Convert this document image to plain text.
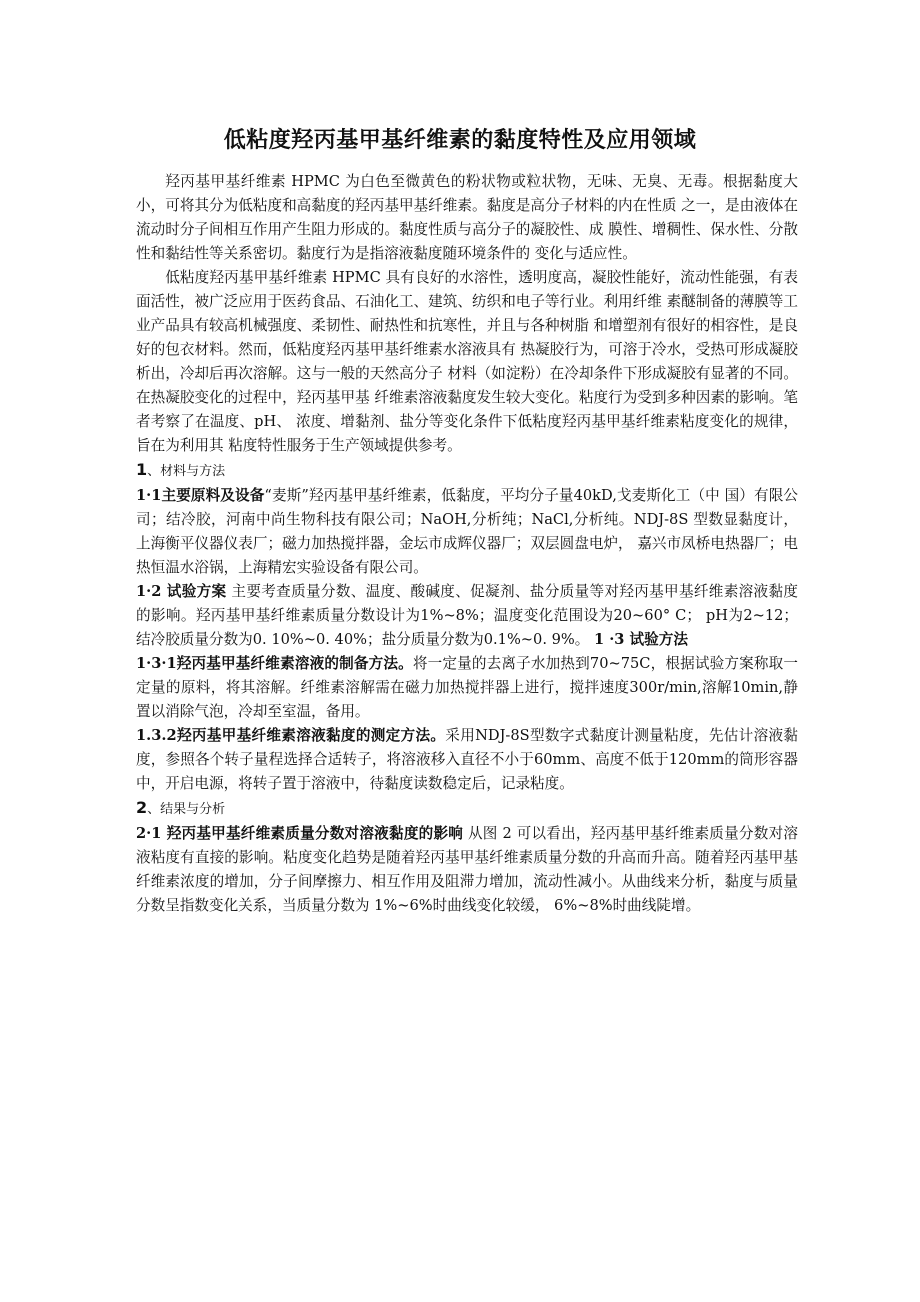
低粘度羟丙基甲基纤维素的黏度特性及应用领域

羟丙基甲基纤维素 HPMC 为白色至微黄色的粉状物或粒状物，无味、无臭、无毒。根据黏度大小，可将其分为低粘度和高黏度的羟丙基甲基纤维素。黏度是高分子材料的内在性质 之一，是由液体在流动时分子间相互作用产生阻力形成的。黏度性质与高分子的凝胶性、成 膜性、增稠性、保水性、分散性和黏结性等关系密切。黏度行为是指溶液黏度随环境条件的 变化与适应性。

低粘度羟丙基甲基纤维素 HPMC 具有良好的水溶性，透明度高，凝胶性能好，流动性能强，有表面活性，被广泛应用于医药食品、石油化工、建筑、纺织和电子等行业。利用纤维 素醚制备的薄膜等工业产品具有较高机械强度、柔韧性、耐热性和抗寒性，并且与各种树脂 和增塑剂有很好的相容性，是良好的包衣材料。然而，低粘度羟丙基甲基纤维素水溶液具有 热凝胶行为，可溶于冷水，受热可形成凝胶析出，冷却后再次溶解。这与一般的天然高分子 材料（如淀粉）在冷却条件下形成凝胶有显著的不同。在热凝胶变化的过程中，羟丙基甲基 纤维素溶液黏度发生较大变化。粘度行为受到多种因素的影响。笔者考察了在温度、pH、 浓度、增黏剂、盐分等变化条件下低粘度羟丙基甲基纤维素粘度变化的规律，旨在为利用其 粘度特性服务于生产领域提供参考。

1、材料与方法

1·1主要原料及设备“麦斯”羟丙基甲基纤维素，低黏度，平均分子量40kD,戈麦斯化工（中 国）有限公司；结冷胶，河南中尚生物科技有限公司；NaOH,分析纯；NaCl,分析纯。NDJ-8S 型数显黏度计，上海衡平仪器仪表厂；磁力加热搅拌器，金坛市成辉仪器厂；双层圆盘电炉， 嘉兴市凤桥电热器厂；电热恒温水浴锅，上海精宏实验设备有限公司。

1·2 试验方案 主要考查质量分数、温度、酸碱度、促凝剂、盐分质量等对羟丙基甲基纤维素溶液黏度的影响。羟丙基甲基纤维素质量分数设计为1%~8%；温度变化范围设为20~60° C； pH为2~12；结冷胶质量分数为0. 10%~0. 40%；盐分质量分数为0.1%~0. 9%。 1 ·3 试验方法

1·3·1羟丙基甲基纤维素溶液的制备方法。将一定量的去离子水加热到70~75C，根据试验方案称取一定量的原料，将其溶解。纤维素溶解需在磁力加热搅拌器上进行，搅拌速度300r/min,溶解10min,静置以消除气泡，冷却至室温，备用。

1.3.2羟丙基甲基纤维素溶液黏度的测定方法。采用NDJ-8S型数字式黏度计测量粘度，先估计溶液黏度，参照各个转子量程选择合适转子，将溶液移入直径不小于60mm、高度不低于120mm的筒形容器中，开启电源，将转子置于溶液中，待黏度读数稳定后，记录粘度。

2、结果与分析

2·1 羟丙基甲基纤维素质量分数对溶液黏度的影响 从图 2 可以看出，羟丙基甲基纤维素质量分数对溶液粘度有直接的影响。粘度变化趋势是随着羟丙基甲基纤维素质量分数的升高而升高。随着羟丙基甲基纤维素浓度的增加，分子间摩擦力、相互作用及阻滞力增加，流动性减小。从曲线来分析，黏度与质量分数呈指数变化关系，当质量分数为 1%~6%时曲线变化较缓， 6%~8%时曲线陡增。
